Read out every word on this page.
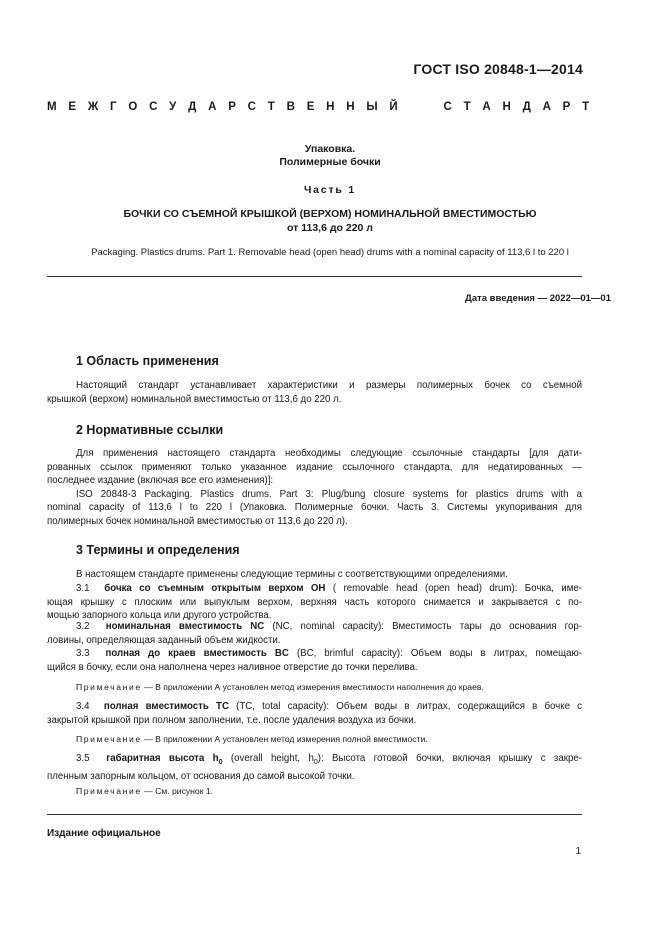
ГОСТ ISO 20848-1—2014
М Е Ж Г О С У Д А Р С Т В Е Н Н Ы Й     С Т А Н Д А Р Т
Упаковка.
Полимерные бочки
Часть 1
БОЧКИ СО СЪЕМНОЙ КРЫШКОЙ (ВЕРХОМ) НОМИНАЛЬНОЙ ВМЕСТИМОСТЬЮ
от 113,6 до 220 л
Packaging. Plastics drums. Part 1. Removable head (open head) drums with a nominal capacity of 113,6 l to 220 l
Дата введения — 2022—01—01
1 Область применения
Настоящий стандарт устанавливает характеристики и размеры полимерных бочек со съемной
крышкой (верхом) номинальной вместимостью от 113,6 до 220 л.
2 Нормативные ссылки
Для применения настоящего стандарта необходимы следующие ссылочные стандарты [для дати-
рованных ссылок применяют только указанное издание ссылочного стандарта, для недатированных —
последнее издание (включая все его изменения)]:
ISO 20848-3 Packaging. Plastics drums. Part 3: Plug/bung closure systems for plastics drums with a
nominal capacity of 113,6 l to 220 l (Упаковка. Полимерные бочки. Часть 3. Системы укупоривания для
полимерных бочек номинальной вместимостью от 113,6 до 220 л).
3 Термины и определения
В настоящем стандарте применены следующие термины с соответствующими определениями.
3.1 бочка со съемным открытым верхом ОН ( removable head (open head) drum): Бочка, име-
ющая крышку с плоским или выпуклым верхом, верхняя часть которого снимается и закрывается с по-
мощью запорного кольца или другого устройства.
3.2 номинальная вместимость NC (NC, nominal capacity): Вместимость тары до основания гор-
ловины, определяющая заданный объем жидкости.
3.3 полная до краев вместимость BC (BC, brimful capacity): Объем воды в литрах, помещаю-
щийся в бочку, если она наполнена через наливное отверстие до точки перелива.
Примечание — В приложении А установлен метод измерения вместимости наполнения до краев.
3.4 полная вместимость TC (TC, total capacity): Объем воды в литрах, содержащийся в бочке с
закрытой крышкой при полном заполнении, т.е. после удаления воздуха из бочки.
Примечание — В приложении А установлен метод измерения полной вместимости.
3.5 габаритная высота $h_0$ (overall height, $h_0$): Высота готовой бочки, включая крышку с закре-
пленным запорным кольцом, от основания до самой высокой точки.
Примечание — См. рисунок 1.
Издание официальное
1
